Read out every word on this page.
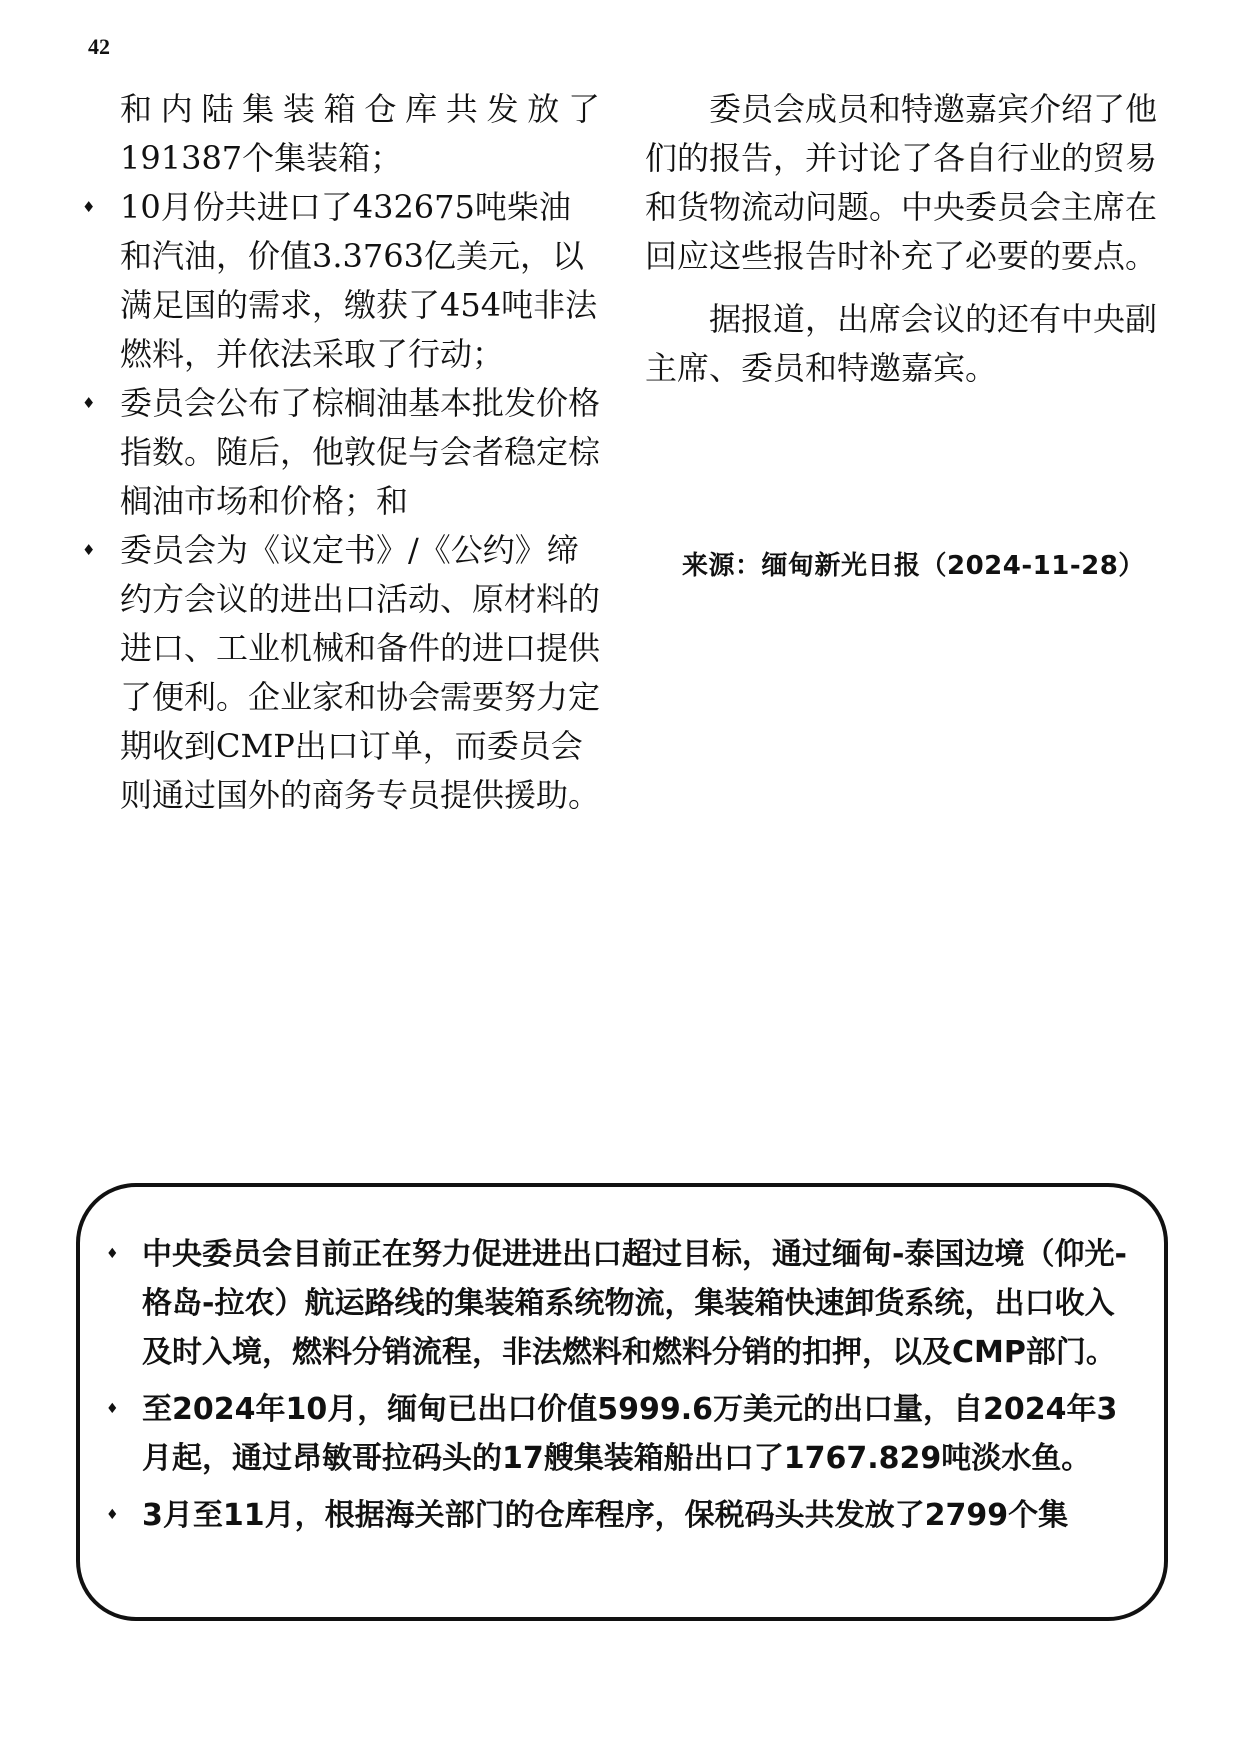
42

和内陆集装箱仓库共发放了191387个集装箱；

♦ 10月份共进口了432675吨柴油和汽油，价值3.3763亿美元，以满足国的需求，缴获了454吨非法燃料，并依法采取了行动；
♦ 委员会公布了棕榈油基本批发价格指数。随后，他敦促与会者稳定棕榈油市场和价格；和
♦ 委员会为《议定书》/《公约》缔约方会议的进出口活动、原材料的进口、工业机械和备件的进口提供了便利。企业家和协会需要努力定期收到CMP出口订单，而委员会则通过国外的商务专员提供援助。

委员会成员和特邀嘉宾介绍了他们的报告，并讨论了各自行业的贸易和货物流动问题。中央委员会主席在回应这些报告时补充了必要的要点。

据报道，出席会议的还有中央副主席、委员和特邀嘉宾。

来源：缅甸新光日报（2024-11-28）
♦ 中央委员会目前正在努力促进进出口超过目标，通过缅甸-泰国边境（仰光-格岛-拉农）航运路线的集装箱系统物流，集装箱快速卸货系统，出口收入及时入境，燃料分销流程，非法燃料和燃料分销的扣押，以及CMP部门。
♦ 至2024年10月，缅甸已出口价值5999.6万美元的出口量，自2024年3月起，通过昂敏哥拉码头的17艘集装箱船出口了1767.829吨淡水鱼。
♦ 3月至11月，根据海关部门的仓库程序，保税码头共发放了2799个集
